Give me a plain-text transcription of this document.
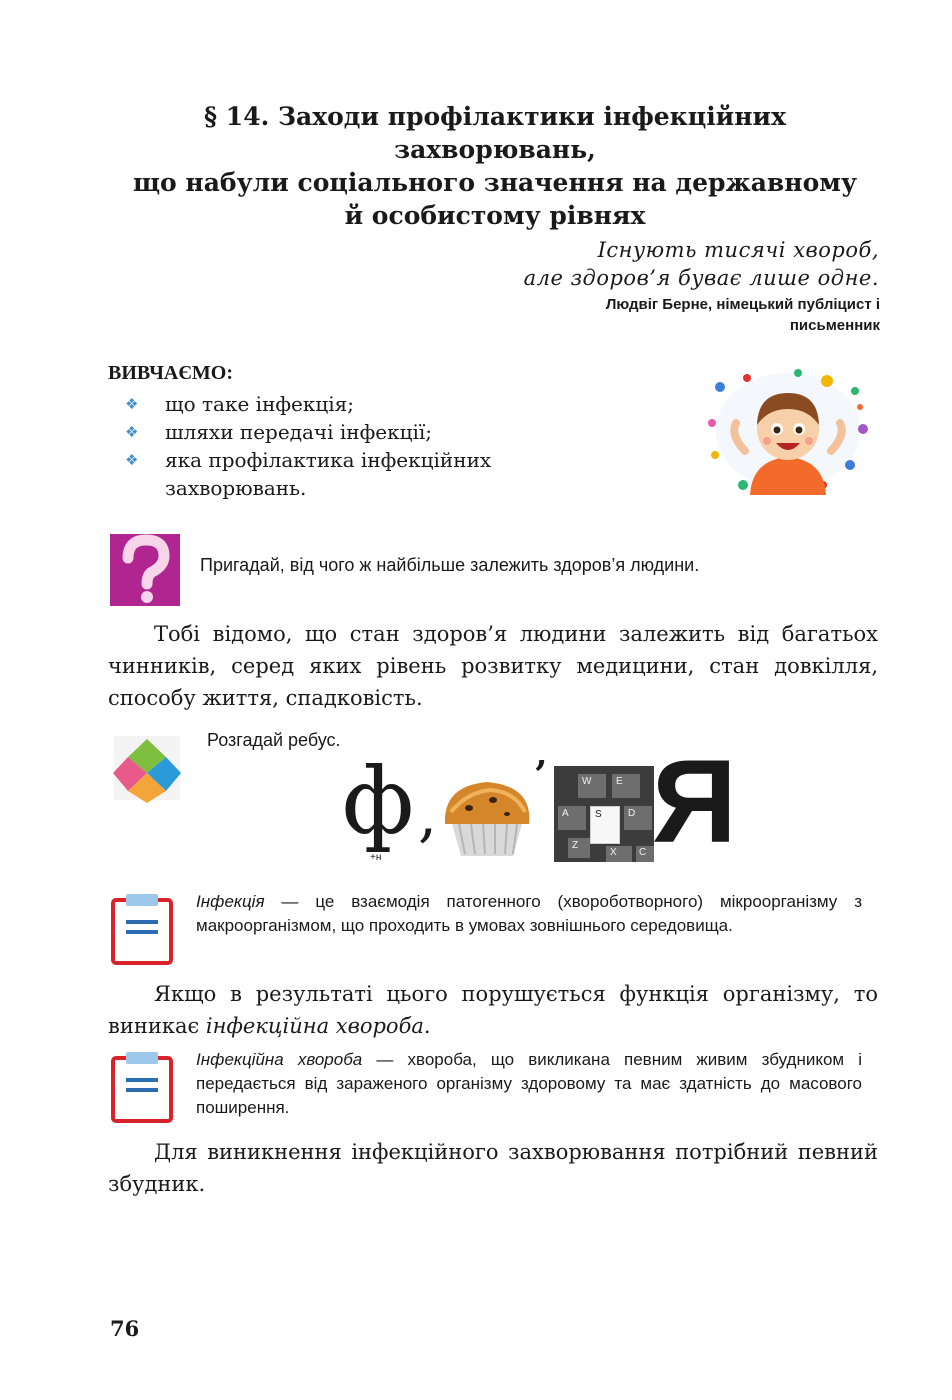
§ 14. Заходи профілактики інфекційних захворювань,
що набули соціального значення на державному
й особистому рівнях
Існують тисячі хвороб,
але здоров’я буває лише одне.
Людвіг Берне, німецький публіцист і письменник
ВИВЧАЄМО:
❖ що таке інфекція;
❖ шляхи передачі інфекції;
❖ яка профілактика інфекційних
захворювань.
Пригадай, від чого ж найбільше залежить здоров’я людини.
Тобі відомо, що стан здоров’я людини залежить від багатьох чинників, серед яких рівень розвитку медицини, стан довкілля, способу життя, спадковість.
Розгадай ребус.
ф
+н
,
’	W	E
A	S	D
Z
X	C Я
Інфекція — це взаємодія патогенного (хвороботворного) мікроорганізму з макроорганізмом, що проходить в умовах зовнішнього середовища.
Якщо в результаті цього порушується функція організму, то виникає інфекційна хвороба.
Інфекційна хвороба — хвороба, що викликана певним живим збудником і передається від зараженого організму здоровому та має здатність до масового поширення.
Для виникнення інфекційного захворювання потрібний певний збудник.
76
